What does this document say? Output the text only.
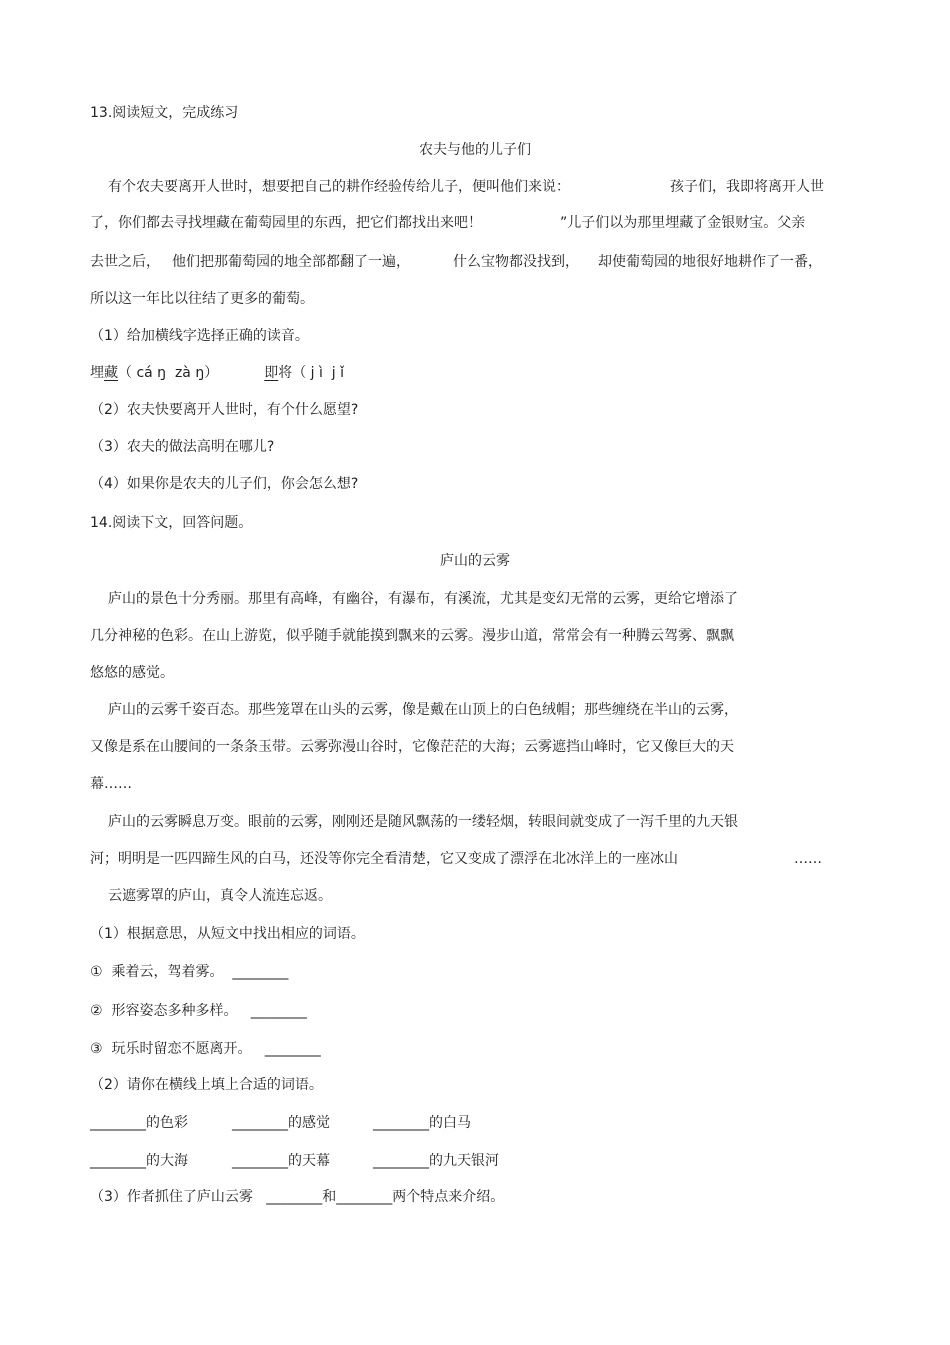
13.阅读短文，完成练习
农夫与他的儿子们
有个农夫要离开人世时，想要把自己的耕作经验传给儿子，便叫他们来说：	孩子们，我即将离开人世
了，你们都去寻找埋藏在葡萄园里的东西，把它们都找出来吧！	”儿子们以为那里埋藏了金银财宝。父亲
去世之后， 他们把那葡萄园的地全部都翻了一遍，	什么宝物都没找到， 却使葡萄园的地很好地耕作了一番，
所以这一年比以往结了更多的葡萄。
（1）给加横线字选择正确的读音。
埋藏（ cá ŋ  zà ŋ）	即将（ j ì  j ǐ
（2）农夫快要离开人世时，有个什么愿望?
（3）农夫的做法高明在哪儿?
（4）如果你是农夫的儿子们，你会怎么想?
14.阅读下文，回答问题。
庐山的云雾
庐山的景色十分秀丽。那里有高峰，有幽谷，有瀑布，有溪流，尤其是变幻无常的云雾，更给它增添了
几分神秘的色彩。在山上游览，似乎随手就能摸到飘来的云雾。漫步山道，常常会有一种腾云驾雾、飘飘
悠悠的感觉。
庐山的云雾千姿百态。那些笼罩在山头的云雾，像是戴在山顶上的白色绒帽；那些缠绕在半山的云雾，
又像是系在山腰间的一条条玉带。云雾弥漫山谷时，它像茫茫的大海；云雾遮挡山峰时，它又像巨大的天
幕……
庐山的云雾瞬息万变。眼前的云雾，刚刚还是随风飘荡的一缕轻烟，转眼间就变成了一泻千里的九天银
河；明明是一匹四蹄生风的白马，还没等你完全看清楚，它又变成了漂浮在北冰洋上的一座冰山	……
云遮雾罩的庐山，真令人流连忘返。
（1）根据意思，从短文中找出相应的词语。
①  乘着云，驾着雾。  ________
②  形容姿态多种多样。   ________
③  玩乐时留恋不愿离开。   ________
（2）请你在横线上填上合适的词语。
________的色彩	________的感觉	________的白马
________的大海	________的天幕	________的九天银河
（3）作者抓住了庐山云雾   ________和________两个特点来介绍。
